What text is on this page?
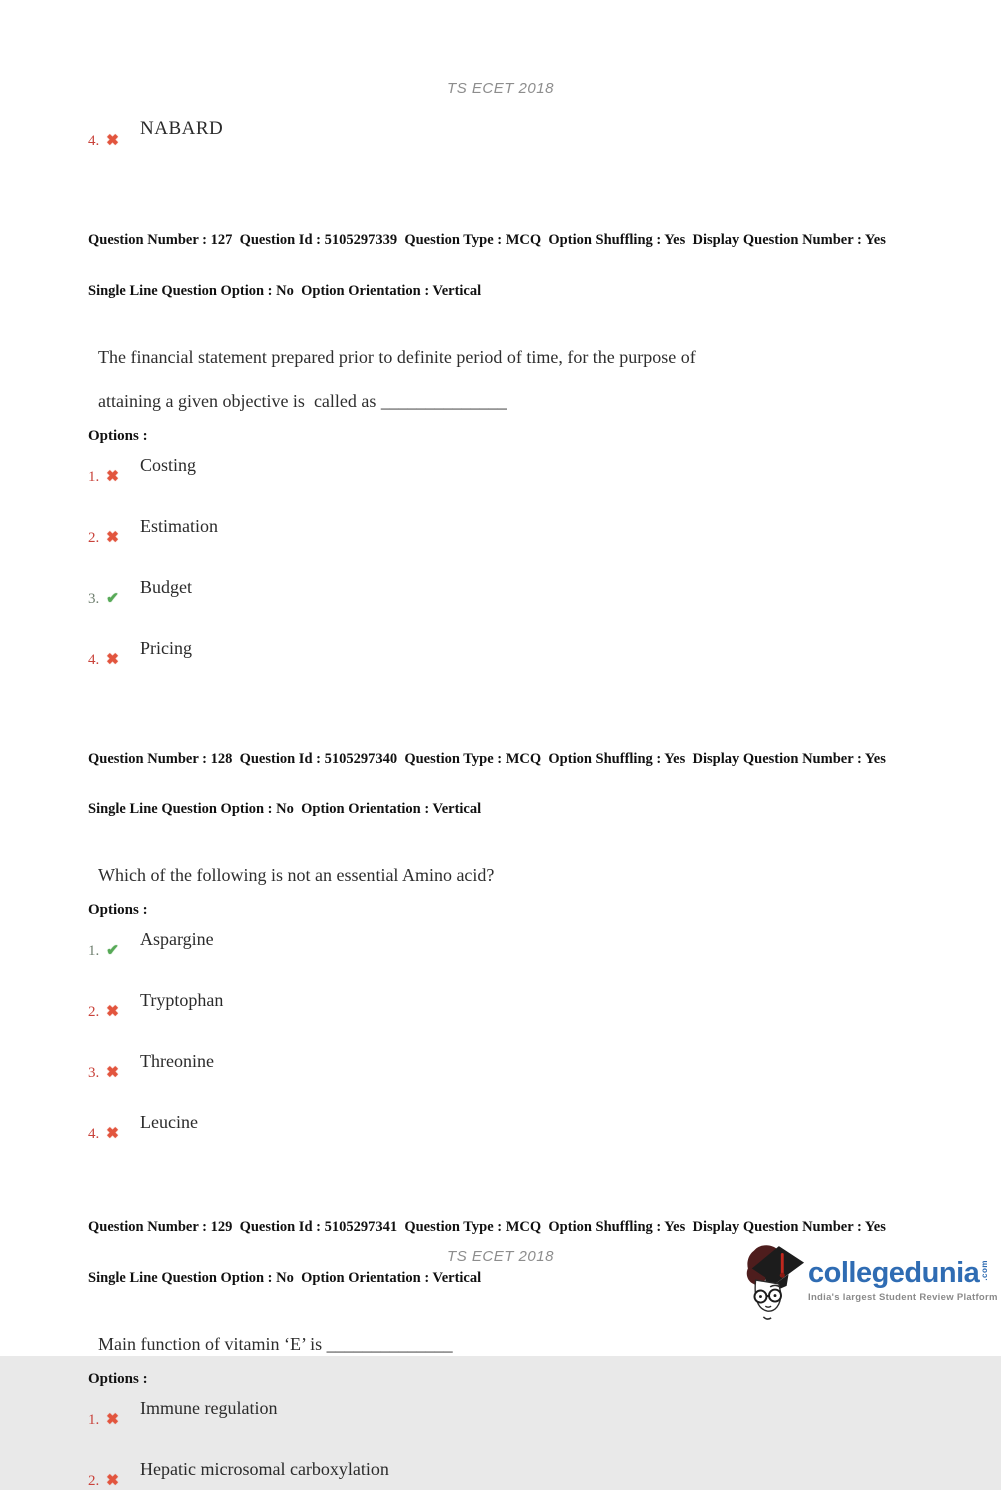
TS ECET 2018
4. ✖
NABARD

Question Number : 127  Question Id : 5105297339  Question Type : MCQ  Option Shuffling : Yes  Display Question Number : Yes

Single Line Question Option : No  Option Orientation : Vertical

The financial statement prepared prior to definite period of time, for the purpose of
attaining a given objective is  called as ______________
Options :
1. ✖
Costing
2. ✖
Estimation
3. ✔
Budget
4. ✖
Pricing

Question Number : 128  Question Id : 5105297340  Question Type : MCQ  Option Shuffling : Yes  Display Question Number : Yes

Single Line Question Option : No  Option Orientation : Vertical

Which of the following is not an essential Amino acid?
Options :
1. ✔
Aspargine
2. ✖
Tryptophan
3. ✖
Threonine
4. ✖
Leucine

Question Number : 129  Question Id : 5105297341  Question Type : MCQ  Option Shuffling : Yes  Display Question Number : Yes

Single Line Question Option : No  Option Orientation : Vertical

Main function of vitamin ‘E’ is ______________
Options :
1. ✖
Immune regulation
2. ✖
Hepatic microsomal carboxylation
TS ECET 2018
collegedunia .com
India's largest Student Review Platform
